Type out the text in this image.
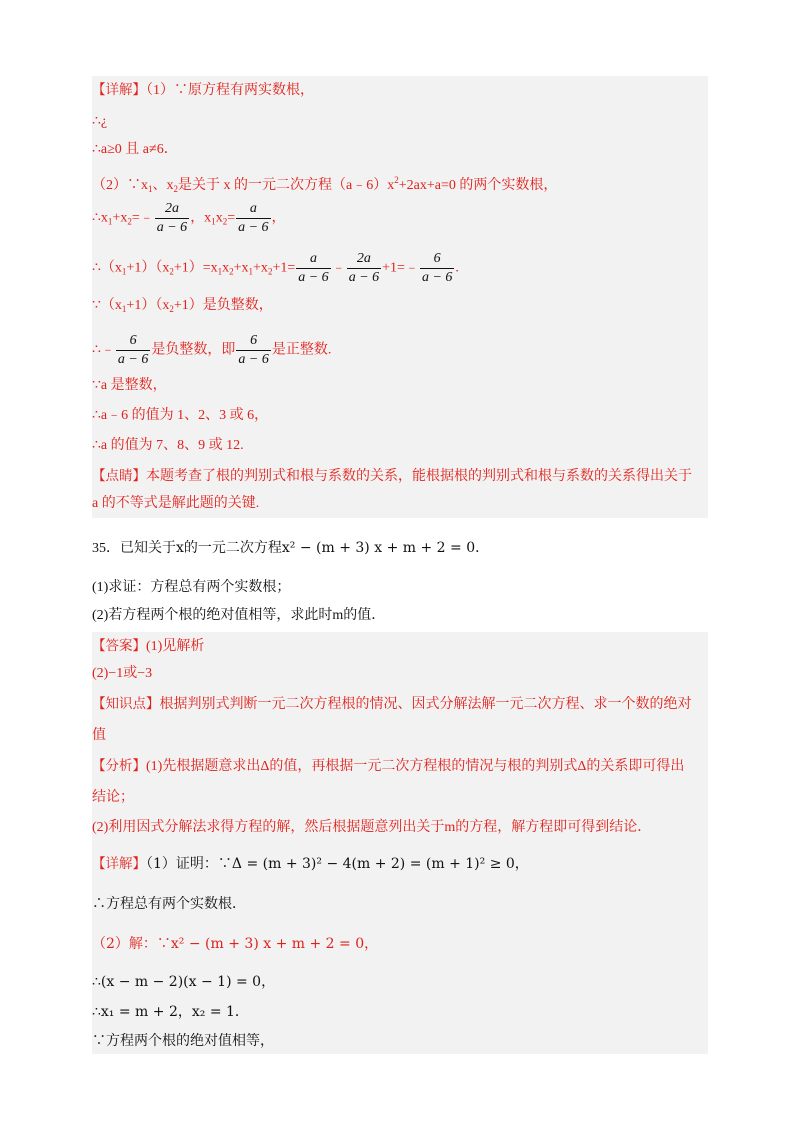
【详解】（1）∵原方程有两实数根，
∴¿
∴a≥0 且 a≠6．
$(2)\because x_1$、$x_2$是关于 x 的一元二次方程$(a﹣6)x^2+2ax+a=0$ 的两个实数根，
$\therefore x_1+x_2=﹣ \frac{2a}{a - 6}$ ，$x_1x_2= \frac{a}{a - 6}$ ，
$\therefore(x_1+1)(x_2+1)=x_1x_2+x_1+x_2+1= \frac{a}{a - 6}$ ﹣ $\frac{2a}{a - 6}$ +1=﹣ $\frac{6}{a - 6}$ .
$\because(x_1+1)(x_2+1)$是负整数，
∴﹣ $\frac{6}{a - 6}$ 是负整数，即 $\frac{6}{a - 6}$ 是正整数.
∵a 是整数，
∴a﹣6 的值为 1、2、3 或 6，
∴a 的值为 7、8、9 或 12.
【点睛】本题考查了根的判别式和根与系数的关系，能根据根的判别式和根与系数的关系得出关于
a 的不等式是解此题的关键.
35．已知关于x的一元二次方程x² − (m + 3) x + m + 2 = 0．
(1)求证：方程总有两个实数根；
(2)若方程两个根的绝对值相等，求此时m的值．
【答案】(1)见解析
(2)−1或−3
【知识点】根据判别式判断一元二次方程根的情况、因式分解法解一元二次方程、求一个数的绝对
值
【分析】(1)先根据题意求出Δ的值，再根据一元二次方程根的情况与根的判别式Δ的关系即可得出
结论；
(2)利用因式分解法求得方程的解，然后根据题意列出关于m的方程，解方程即可得到结论．
【详解】（1）证明：∵Δ = (m + 3)² − 4(m + 2) = (m + 1)² ≥ 0，
∴方程总有两个实数根．
（2）解：∵x² − (m + 3) x + m + 2 = 0，
∴(x − m − 2)(x − 1) = 0，
∴x₁ = m + 2，x₂ = 1．
∵方程两个根的绝对值相等，
